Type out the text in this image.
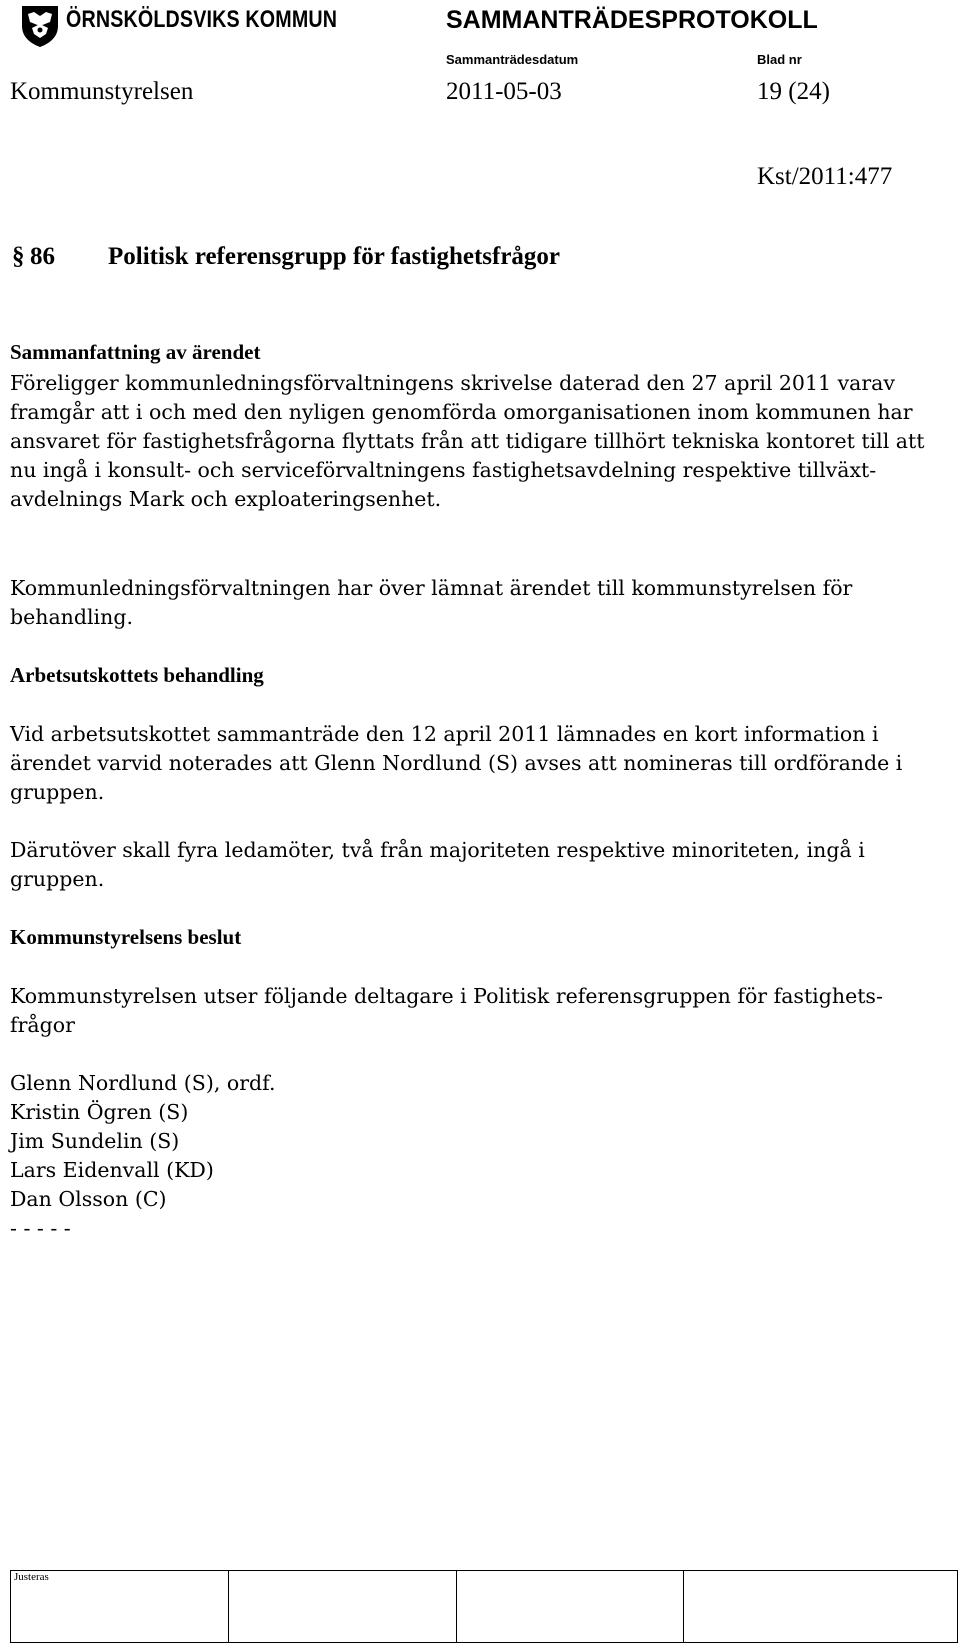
ÖRNSKÖLDSVIKS KOMMUN	SAMMANTRÄDESPROTOKOLL
Sammanträdesdatum	Blad nr
Kommunstyrelsen	2011-05-03	19 (24)
Kst/2011:477
§ 86 Politisk referensgrupp för fastighetsfrågor
Sammanfattning av ärendet
Föreligger kommunledningsförvaltningens skrivelse daterad den 27 april 2011 varav
framgår att i och med den nyligen genomförda omorganisationen inom kommunen har
ansvaret för fastighetsfrågorna flyttats från att tidigare tillhört tekniska kontoret till att
nu ingå i konsult- och serviceförvaltningens fastighetsavdelning respektive tillväxt-
avdelnings Mark och exploateringsenhet.
Kommunledningsförvaltningen har över lämnat ärendet till kommunstyrelsen för
behandling.
Arbetsutskottets behandling
Vid arbetsutskottet sammanträde den 12 april 2011 lämnades en kort information i
ärendet varvid noterades att Glenn Nordlund (S) avses att nomineras till ordförande i
gruppen.
Därutöver skall fyra ledamöter, två från majoriteten respektive minoriteten, ingå i
gruppen.
Kommunstyrelsens beslut
Kommunstyrelsen utser följande deltagare i Politisk referensgruppen för fastighets-
frågor
Glenn Nordlund (S), ordf.
Kristin Ögren (S)
Jim Sundelin (S)
Lars Eidenvall (KD)
Dan Olsson (C)
- - - - -
Justeras
